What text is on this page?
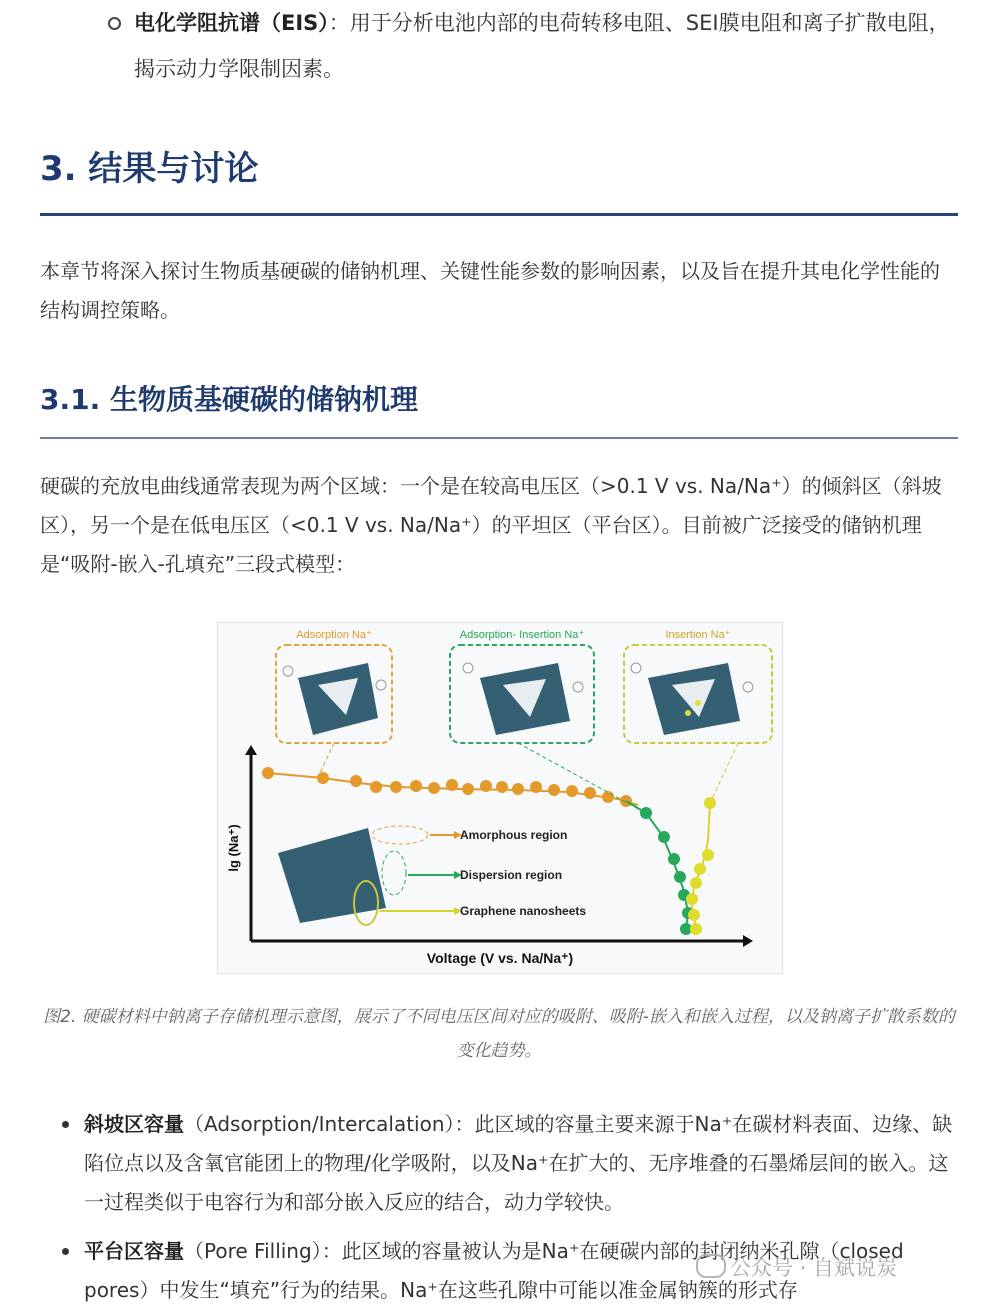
电化学阻抗谱（EIS）：用于分析电池内部的电荷转移电阻、SEI膜电阻和离子扩散电阻，揭示动力学限制因素。
3. 结果与讨论

本章节将深入探讨生物质基硬碳的储钠机理、关键性能参数的影响因素，以及旨在提升其电化学性能的结构调控策略。

3.1. 生物质基硬碳的储钠机理

硬碳的充放电曲线通常表现为两个区域：一个是在较高电压区（>0.1 V vs. Na/Na⁺）的倾斜区（斜坡区），另一个是在低电压区（<0.1 V vs. Na/Na⁺）的平坦区（平台区）。目前被广泛接受的储钠机理是“吸附-嵌入-孔填充”三段式模型：

Adsorption Na⁺	Adsorption- Insertion Na⁺	Insertion Na⁺
Voltage (V vs. Na/Na⁺)
lg (Na⁺)	Amorphous region
Dispersion region
Graphene nanosheets
图2. 硬碳材料中钠离子存储机理示意图，展示了不同电压区间对应的吸附、吸附-嵌入和嵌入过程，以及钠离子扩散系数的变化趋势。
斜坡区容量（Adsorption/Intercalation）：此区域的容量主要来源于Na⁺在碳材料表面、边缘、缺陷位点以及含氧官能团上的物理/化学吸附，以及Na⁺在扩大的、无序堆叠的石墨烯层间的嵌入。这一过程类似于电容行为和部分嵌入反应的结合，动力学较快。
平台区容量（Pore Filling）：此区域的容量被认为是Na⁺在硬碳内部的封闭纳米孔隙（closed pores）中发生“填充”行为的结果。Na⁺在这些孔隙中可能以准金属钠簇的形式存
公众号 · 自斌说炭
